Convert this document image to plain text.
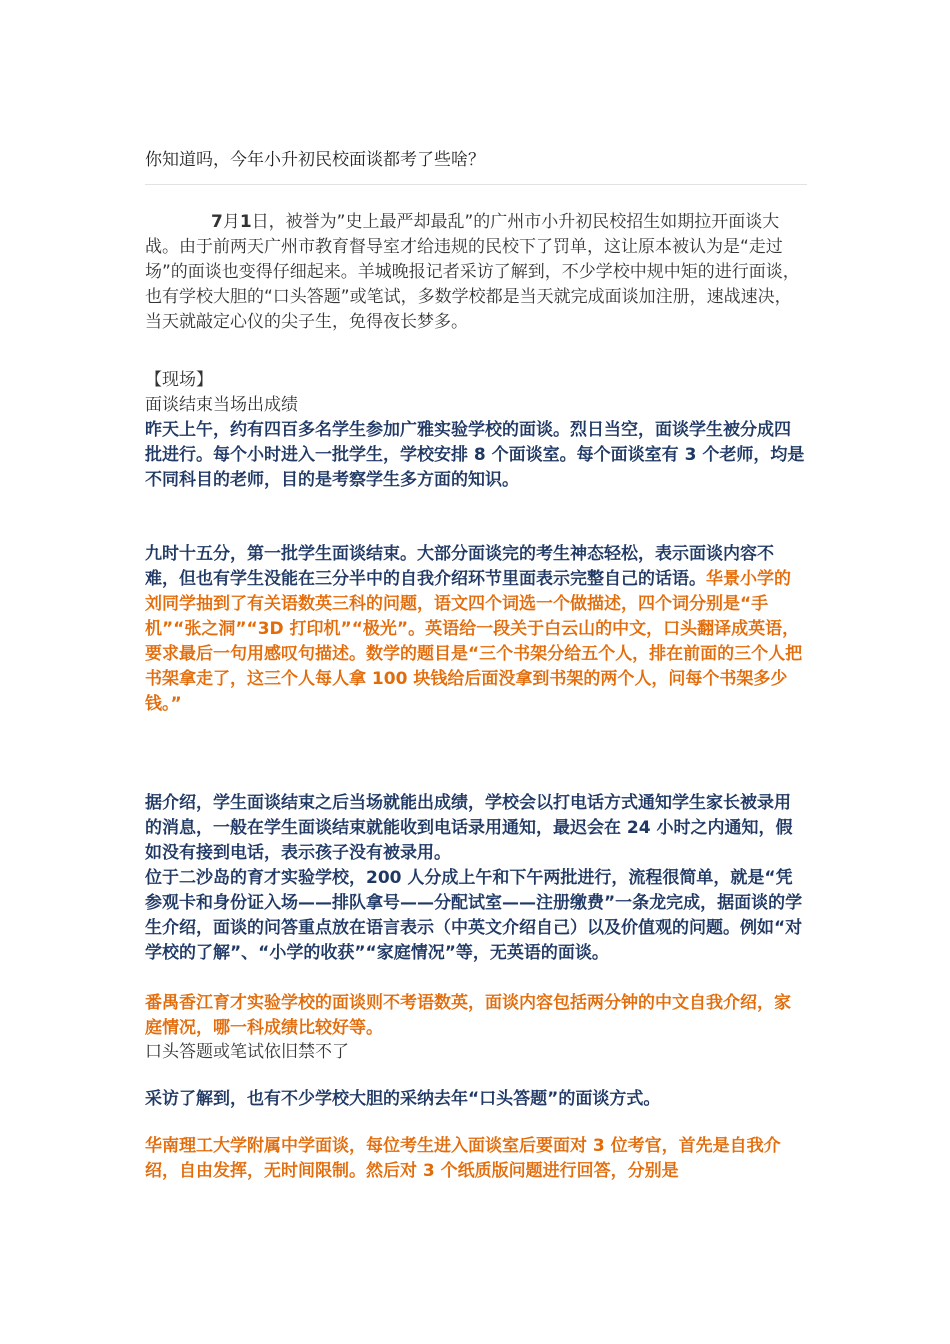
你知道吗，今年小升初民校面谈都考了些啥？

7月1日，被誉为”史上最严却最乱”的广州市小升初民校招生如期拉开面谈大战。由于前两天广州市教育督导室才给违规的民校下了罚单，这让原本被认为是“走过场”的面谈也变得仔细起来。羊城晚报记者采访了解到，不少学校中规中矩的进行面谈，也有学校大胆的“口头答题”或笔试，多数学校都是当天就完成面谈加注册，速战速决，当天就敲定心仪的尖子生，免得夜长梦多。

【现场】

面谈结束当场出成绩

昨天上午，约有四百多名学生参加广雅实验学校的面谈。烈日当空，面谈学生被分成四批进行。每个小时进入一批学生，学校安排 8 个面谈室。每个面谈室有 3 个老师，均是不同科目的老师，目的是考察学生多方面的知识。

九时十五分，第一批学生面谈结束。大部分面谈完的考生神态轻松，表示面谈内容不难，但也有学生没能在三分半中的自我介绍环节里面表示完整自己的话语。华景小学的刘同学抽到了有关语数英三科的问题，语文四个词选一个做描述，四个词分别是“手机”“张之洞”“3D 打印机”“极光”。英语给一段关于白云山的中文，口头翻译成英语，要求最后一句用感叹句描述。数学的题目是“三个书架分给五个人，排在前面的三个人把书架拿走了，这三个人每人拿 100 块钱给后面没拿到书架的两个人，问每个书架多少钱。”

据介绍，学生面谈结束之后当场就能出成绩，学校会以打电话方式通知学生家长被录用的消息，一般在学生面谈结束就能收到电话录用通知，最迟会在 24 小时之内通知，假如没有接到电话，表示孩子没有被录用。

位于二沙岛的育才实验学校，200 人分成上午和下午两批进行，流程很简单，就是“凭参观卡和身份证入场——排队拿号——分配试室——注册缴费”一条龙完成，据面谈的学生介绍，面谈的问答重点放在语言表示（中英文介绍自己）以及价值观的问题。例如“对学校的了解”、“小学的收获”“家庭情况”等，无英语的面谈。

番禺香江育才实验学校的面谈则不考语数英，面谈内容包括两分钟的中文自我介绍，家庭情况，哪一科成绩比较好等。

口头答题或笔试依旧禁不了

采访了解到，也有不少学校大胆的采纳去年“口头答题”的面谈方式。

华南理工大学附属中学面谈，每位考生进入面谈室后要面对 3 位考官，首先是自我介绍，自由发挥，无时间限制。然后对 3 个纸质版问题进行回答，分别是
